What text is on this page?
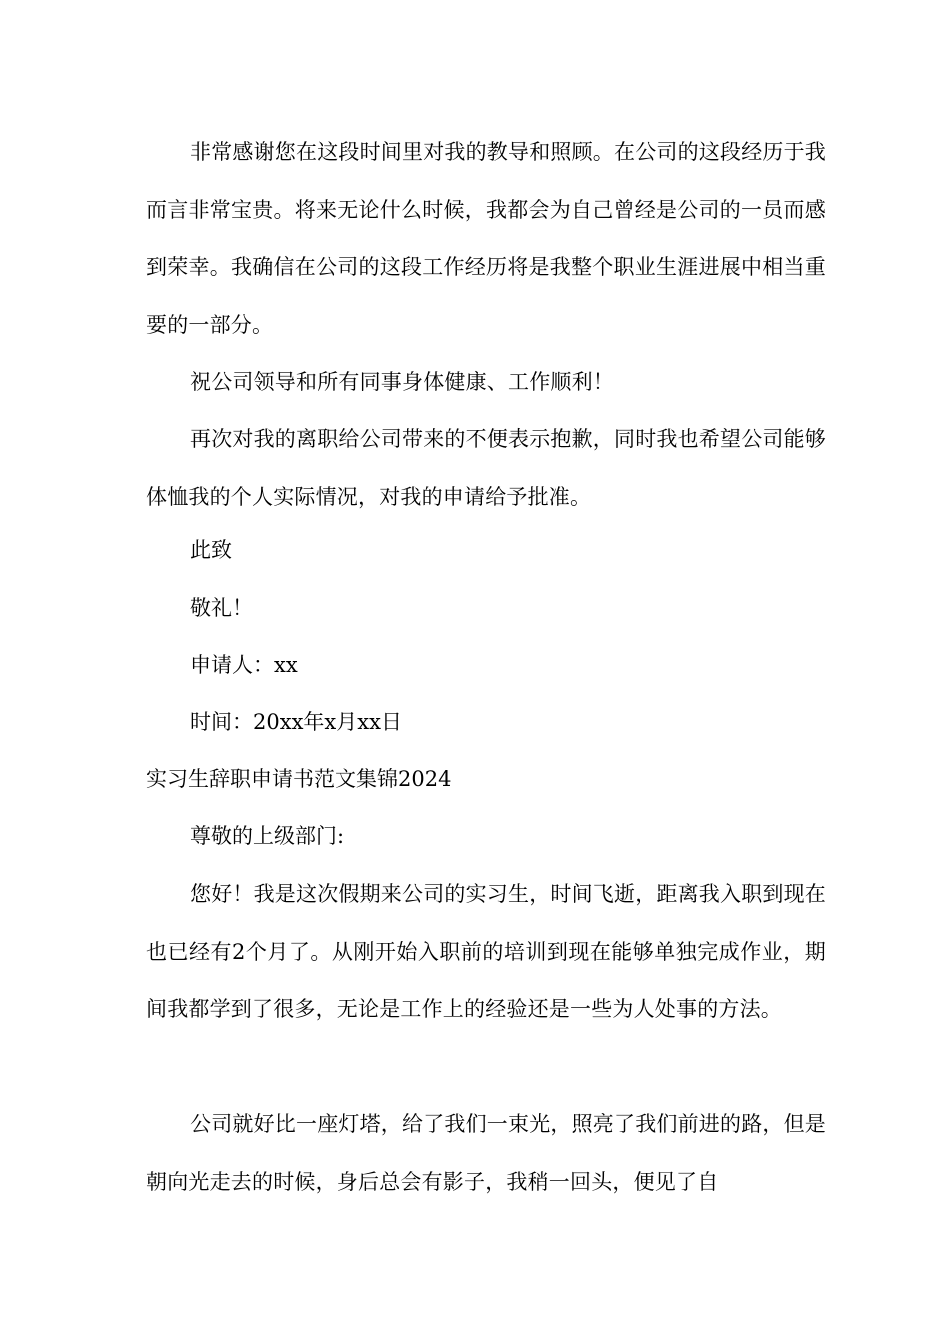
非常感谢您在这段时间里对我的教导和照顾。在公司的这段经历于我而言非常宝贵。将来无论什么时候，我都会为自己曾经是公司的一员而感到荣幸。我确信在公司的这段工作经历将是我整个职业生涯进展中相当重要的一部分。

祝公司领导和所有同事身体健康、工作顺利！

再次对我的离职给公司带来的不便表示抱歉，同时我也希望公司能够体恤我的个人实际情况，对我的申请给予批准。

此致

敬礼！

申请人：xx

时间：20xx年x月xx日

实习生辞职申请书范文集锦2024

尊敬的上级部门:

您好！我是这次假期来公司的实习生，时间飞逝，距离我入职到现在也已经有2个月了。从刚开始入职前的培训到现在能够单独完成作业，期间我都学到了很多，无论是工作上的经验还是一些为人处事的方法。

公司就好比一座灯塔，给了我们一束光，照亮了我们前进的路，但是朝向光走去的时候，身后总会有影子，我稍一回头，便见了自
